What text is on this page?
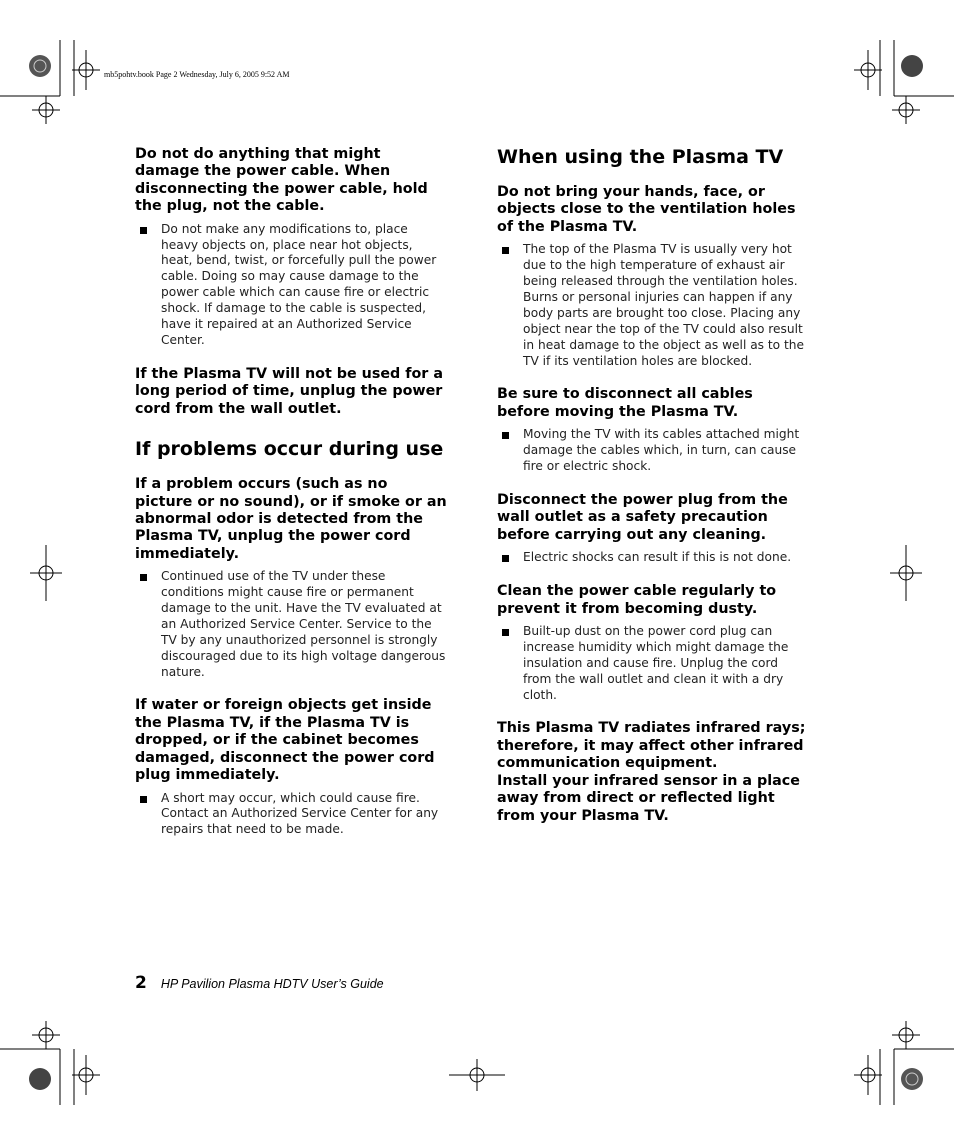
mb5pohtv.book Page 2 Wednesday, July 6, 2005 9:52 AM

Do not do anything that might damage the power cable. When disconnecting the power cable, hold the plug, not the cable.

Do not make any modifications to, place heavy objects on, place near hot objects, heat, bend, twist, or forcefully pull the power cable. Doing so may cause damage to the power cable which can cause fire or electric shock. If damage to the cable is suspected, have it repaired at an Authorized Service Center.

If the Plasma TV will not be used for a long period of time, unplug the power cord from the wall outlet.

If problems occur during use

If a problem occurs (such as no picture or no sound), or if smoke or an abnormal odor is detected from the Plasma TV, unplug the power cord immediately.

Continued use of the TV under these conditions might cause fire or permanent damage to the unit. Have the TV evaluated at an Authorized Service Center. Service to the TV by any unauthorized personnel is strongly discouraged due to its high voltage dangerous nature.

If water or foreign objects get inside the Plasma TV, if the Plasma TV is dropped, or if the cabinet becomes damaged, disconnect the power cord plug immediately.

A short may occur, which could cause fire. Contact an Authorized Service Center for any repairs that need to be made.

When using the Plasma TV

Do not bring your hands, face, or objects close to the ventilation holes of the Plasma TV.

The top of the Plasma TV is usually very hot due to the high temperature of exhaust air being released through the ventilation holes. Burns or personal injuries can happen if any body parts are brought too close. Placing any object near the top of the TV could also result in heat damage to the object as well as to the TV if its ventilation holes are blocked.

Be sure to disconnect all cables before moving the Plasma TV.

Moving the TV with its cables attached might damage the cables which, in turn, can cause fire or electric shock.

Disconnect the power plug from the wall outlet as a safety precaution before carrying out any cleaning.

Electric shocks can result if this is not done.

Clean the power cable regularly to prevent it from becoming dusty.

Built-up dust on the power cord plug can increase humidity which might damage the insulation and cause fire. Unplug the cord from the wall outlet and clean it with a dry cloth.

This Plasma TV radiates infrared rays; therefore, it may affect other infrared communication equipment.

Install your infrared sensor in a place away from direct or reflected light from your Plasma TV.

2 HP Pavilion Plasma HDTV User’s Guide
